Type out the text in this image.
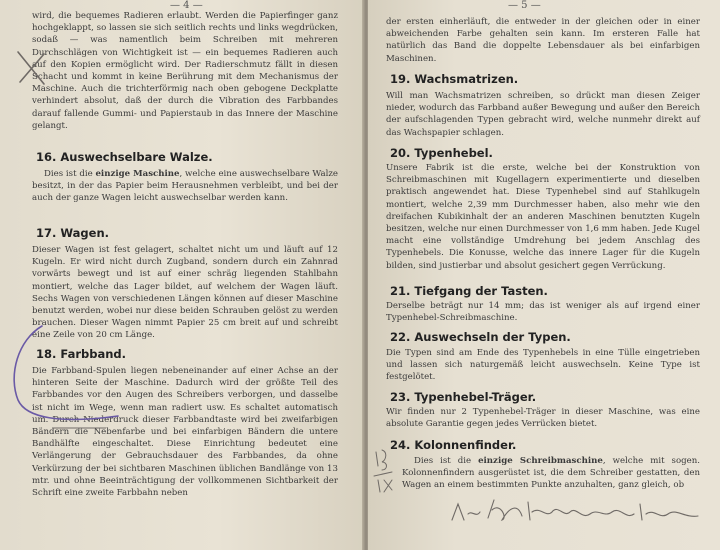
— 4 —

wird, die bequemes Radieren erlaubt. Werden die Papierfinger ganz hochgeklappt, so lassen sie sich seitlich rechts und links wegdrücken, sodaß — was namentlich beim Schreiben mit mehreren Durchschlägen von Wichtigkeit ist — ein bequemes Radieren auch auf den Kopien ermöglicht wird. Der Radierschmutz fällt in diesen Schacht und kommt in keine Berührung mit dem Mechanismus der Maschine. Auch die trichterförmig nach oben gebogene Deckplatte verhindert absolut, daß der durch die Vibration des Farbbandes darauf fallende Gummi- und Papierstaub in das Innere der Maschine gelangt.

16. Auswechselbare Walze.

Dies ist die einzige Maschine, welche eine auswechselbare Walze besitzt, in der das Papier beim Herausnehmen verbleibt, und bei der auch der ganze Wagen leicht auswechselbar werden kann.

17. Wagen.

Dieser Wagen ist fest gelagert, schaltet nicht um und läuft auf 12 Kugeln. Er wird nicht durch Zugband, sondern durch ein Zahnrad vorwärts bewegt und ist auf einer schräg liegenden Stahlbahn montiert, welche das Lager bildet, auf welchem der Wagen läuft. Sechs Wagen von verschiedenen Längen können auf dieser Maschine benutzt werden, wobei nur diese beiden Schrauben gelöst zu werden brauchen. Dieser Wagen nimmt Papier 25 cm breit auf und schreibt eine Zeile von 20 cm Länge.

18. Farbband.

Die Farbband-Spulen liegen nebeneinander auf einer Achse an der hinteren Seite der Maschine. Dadurch wird der größte Teil des Farbbandes vor den Augen des Schreibers verborgen, und dasselbe ist nicht im Wege, wenn man radiert usw. Es schaltet automatisch um. Durch Niederdruck dieser Farbbandtaste wird bei zweifarbigen Bändern die Nebenfarbe und bei einfarbigen Bändern die untere Bandhälfte eingeschaltet. Diese Einrichtung bedeutet eine Verlängerung der Gebrauchsdauer des Farbbandes, da ohne Verkürzung der bei sichtbaren Maschinen üblichen Bandlänge von 13 mtr. und ohne Beeinträchtigung der vollkommenen Sichtbarkeit der Schrift eine zweite Farbbahn neben

— 5 —

der ersten einherläuft, die entweder in der gleichen oder in einer abweichenden Farbe gehalten sein kann. Im ersteren Falle hat natürlich das Band die doppelte Lebensdauer als bei einfarbigen Maschinen.

19. Wachsmatrizen.

Will man Wachsmatrizen schreiben, so drückt man diesen Zeiger nieder, wodurch das Farbband außer Bewegung und außer den Bereich der aufschlagenden Typen gebracht wird, welche nunmehr direkt auf das Wachspapier schlagen.

20. Typenhebel.

Unsere Fabrik ist die erste, welche bei der Konstruktion von Schreibmaschinen mit Kugellagern experimentierte und dieselben praktisch angewendet hat. Diese Typenhebel sind auf Stahlkugeln montiert, welche 2,39 mm Durchmesser haben, also mehr wie den dreifachen Kubikinhalt der an anderen Maschinen benutzten Kugeln besitzen, welche nur einen Durchmesser von 1,6 mm haben. Jede Kugel macht eine vollständige Umdrehung bei jedem Anschlag des Typenhebels. Die Konusse, welche das innere Lager für die Kugeln bilden, sind justierbar und absolut gesichert gegen Verrückung.

21. Tiefgang der Tasten.

Derselbe beträgt nur 14 mm; das ist weniger als auf irgend einer Typenhebel-Schreibmaschine.

22. Auswechseln der Typen.

Die Typen sind am Ende des Typenhebels in eine Tülle eingetrieben und lassen sich naturgemäß leicht auswechseln. Keine Type ist festgelötet.

23. Typenhebel-Träger.

Wir finden nur 2 Typenhebel-Träger in dieser Maschine, was eine absolute Garantie gegen jedes Verrücken bietet.

24. Kolonnenfinder.

Dies ist die einzige Schreibmaschine, welche mit sogen. Kolonnenfindern ausgerüstet ist, die dem Schreiber gestatten, den Wagen an einem bestimmten Punkte anzuhalten, ganz gleich, ob
